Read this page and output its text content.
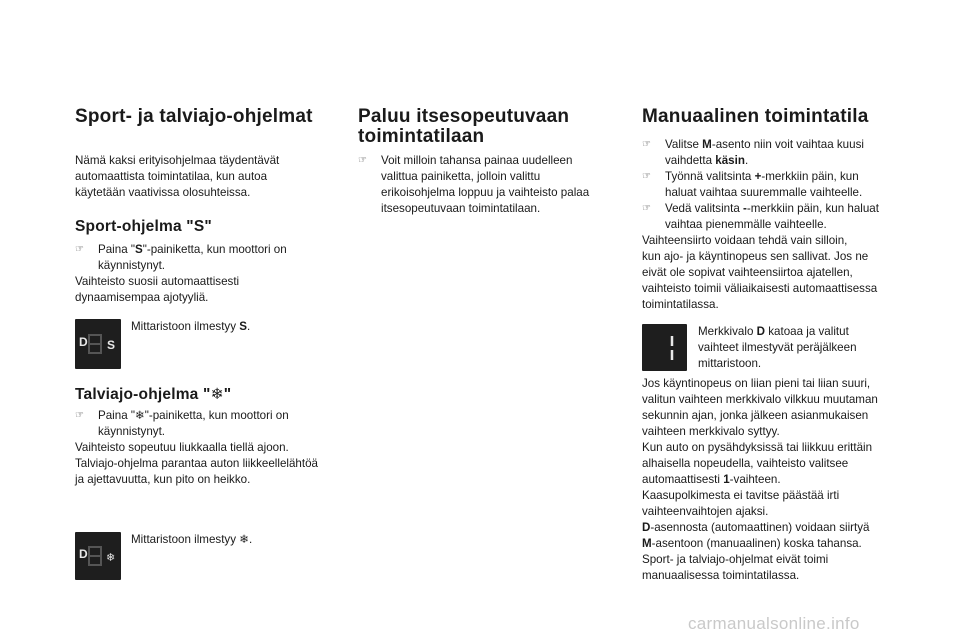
Sport- ja talviajo-ohjelmat
Nämä kaksi erityisohjelmaa täydentävät
automaattista toimintatilaa, kun autoa
käytetään vaativissa olosuhteissa.
Sport-ohjelma "S"
☞ Paina "S"-painiketta, kun moottori on
käynnistynyt.
Vaihteisto suosii automaattisesti
dynaamisempaa ajotyyliä.
D S
Mittaristoon ilmestyy S.
Talviajo-ohjelma "❄"
☞ Paina "❄"-painiketta, kun moottori on
käynnistynyt.
Vaihteisto sopeutuu liukkaalla tiellä ajoon.
Talviajo-ohjelma parantaa auton liikkeellelähtöä
ja ajettavuutta, kun pito on heikko.
D ❄
Mittaristoon ilmestyy ❄.
Paluu itsesopeutuvaan
toimintatilaan
☞ Voit milloin tahansa painaa uudelleen
valittua painiketta, jolloin valittu
erikoisohjelma loppuu ja vaihteisto palaa
itsesopeutuvaan toimintatilaan.
Manuaalinen toimintatila
☞ Valitse M-asento niin voit vaihtaa kuusi
vaihdetta käsin.
☞ Työnnä valitsinta +-merkkiin päin, kun
haluat vaihtaa suuremmalle vaihteelle.
☞ Vedä valitsinta --merkkiin päin, kun haluat
vaihtaa pienemmälle vaihteelle.
Vaihteensiirto voidaan tehdä vain silloin,
kun ajo- ja käyntinopeus sen sallivat. Jos ne
eivät ole sopivat vaihteensiirtoa ajatellen,
vaihteisto toimii väliaikaisesti automaattisessa
toimintatilassa.
Merkkivalo D katoaa ja valitut
vaihteet ilmestyvät peräjälkeen
mittaristoon.
Jos käyntinopeus on liian pieni tai liian suuri,
valitun vaihteen merkkivalo vilkkuu muutaman
sekunnin ajan, jonka jälkeen asianmukaisen
vaihteen merkkivalo syttyy.
Kun auto on pysähdyksissä tai liikkuu erittäin
alhaisella nopeudella, vaihteisto valitsee
automaattisesti 1-vaihteen.
Kaasupolkimesta ei tavitse päästää irti
vaihteenvaihtojen ajaksi.
D-asennosta (automaattinen) voidaan siirtyä
M-asentoon (manuaalinen) koska tahansa.
Sport- ja talviajo-ohjelmat eivät toimi
manuaalisessa toimintatilassa.
carmanualsonline.info
